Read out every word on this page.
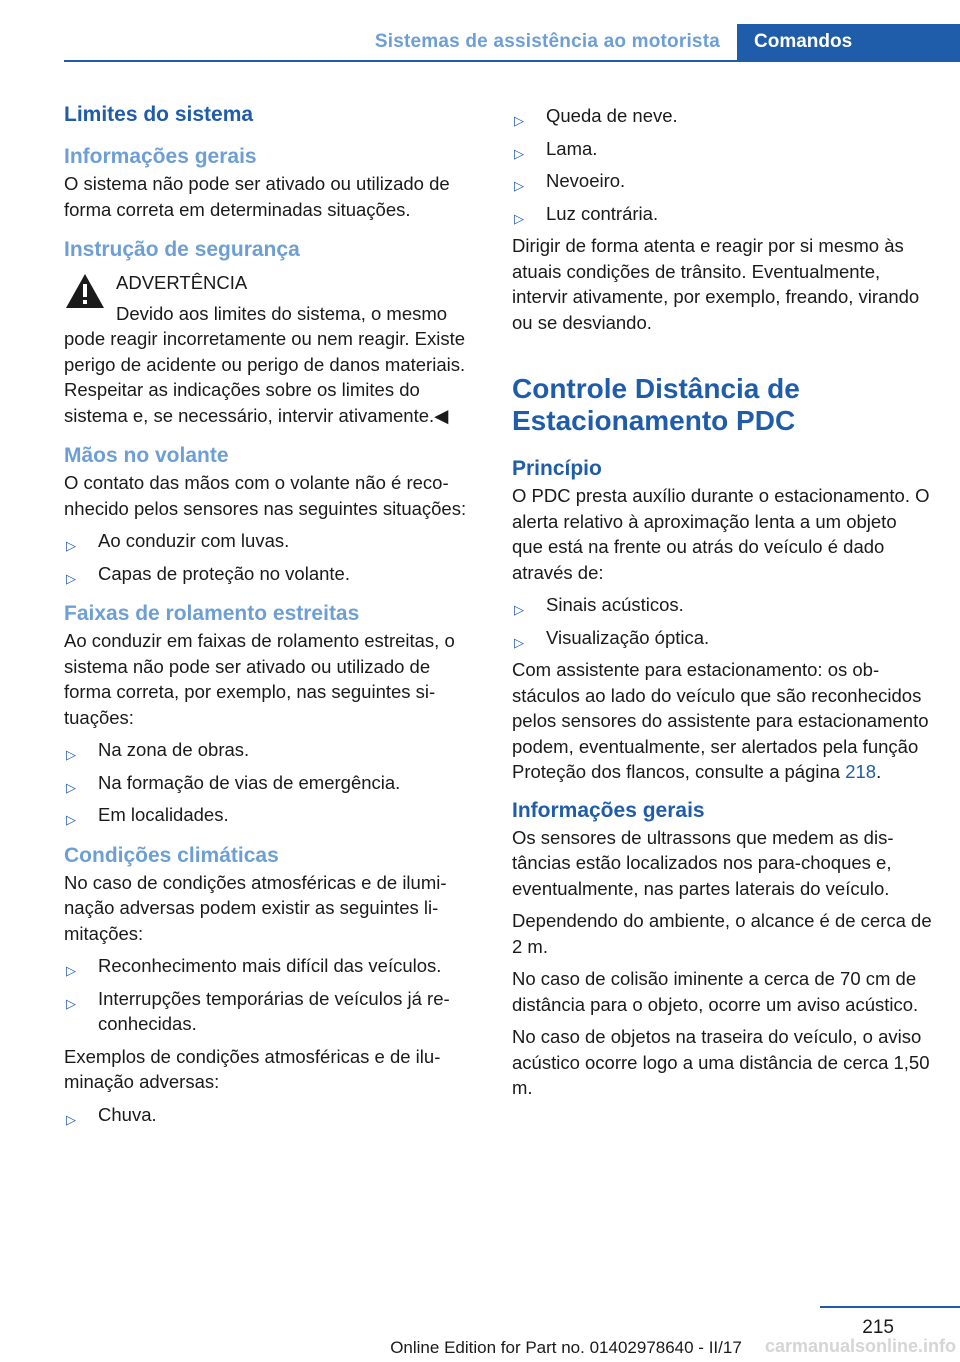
Sistemas de assistência ao motorista	Comandos
Limites do sistema
Informações gerais

O sistema não pode ser ativado ou utilizado de forma correta em determinadas situações.

Instrução de segurança
ADVERTÊNCIA
Devido aos limites do sistema, o mesmo

pode reagir incorretamente ou nem reagir. Existe perigo de acidente ou perigo de danos materiais. Respeitar as indicações sobre os limites do sistema e, se necessário, intervir ativamente.◀

Mãos no volante

O contato das mãos com o volante não é reconhecido pelos sensores nas seguintes situações:

▷ Ao conduzir com luvas.
▷ Capas de proteção no volante.
Faixas de rolamento estreitas

Ao conduzir em faixas de rolamento estreitas, o sistema não pode ser ativado ou utilizado de forma correta, por exemplo, nas seguintes situações:

▷ Na zona de obras.
▷ Na formação de vias de emergência.
▷ Em localidades.
Condições climáticas

No caso de condições atmosféricas e de iluminação adversas podem existir as seguintes limitações:

▷ Reconhecimento mais difícil das veículos.
▷ Interrupções temporárias de veículos já reconhecidas.

Exemplos de condições atmosféricas e de iluminação adversas:

▷ Chuva.
▷ Queda de neve.
▷ Lama.
▷ Nevoeiro.
▷ Luz contrária.

Dirigir de forma atenta e reagir por si mesmo às atuais condições de trânsito. Eventualmente, intervir ativamente, por exemplo, freando, virando ou se desviando.

Controle Distância de Estacionamento PDC
Princípio

O PDC presta auxílio durante o estacionamento. O alerta relativo à aproximação lenta a um objeto que está na frente ou atrás do veículo é dado através de:

▷ Sinais acústicos.
▷ Visualização óptica.

Com assistente para estacionamento: os obstáculos ao lado do veículo que são reconhecidos pelos sensores do assistente para estacionamento podem, eventualmente, ser alertados pela função Proteção dos flancos, consulte a página 218.

Informações gerais

Os sensores de ultrassons que medem as distâncias estão localizados nos para-choques e, eventualmente, nas partes laterais do veículo.

Dependendo do ambiente, o alcance é de cerca de 2 m.

No caso de colisão iminente a cerca de 70 cm de distância para o objeto, ocorre um aviso acústico.

No caso de objetos na traseira do veículo, o aviso acústico ocorre logo a uma distância de cerca 1,50 m.

215
Online Edition for Part no. 01402978640 - II/17	carmanualsonline.info
